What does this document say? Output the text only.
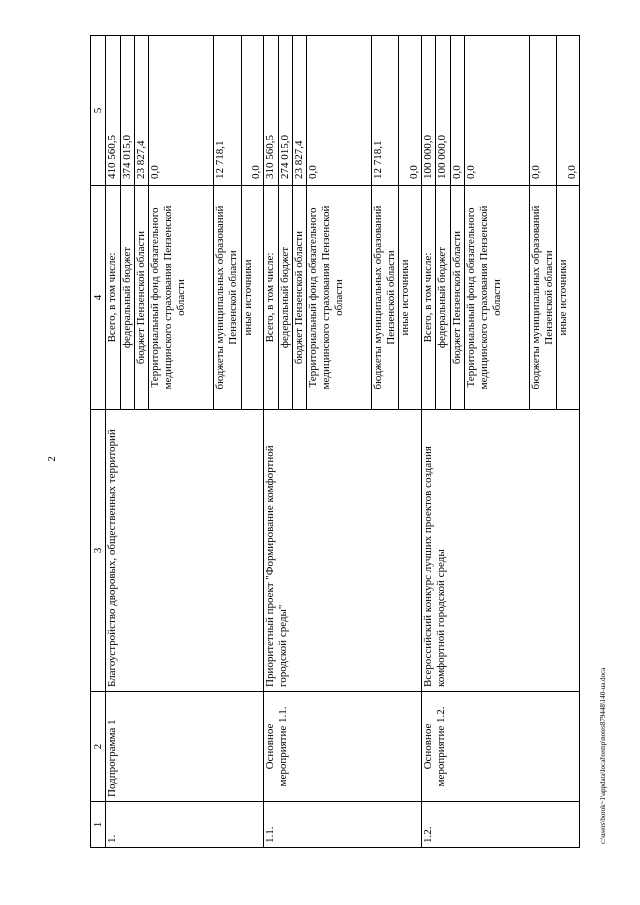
2
1	2	3	4	5
1.	Подпрограмма 1	Благоустройство дворовых, общественных территорий	Всего, в том числе:	410 560,5
			федеральный бюджет	374 015,0
			бюджет Пензенской области	23 827,4
			Территориальный фонд обязательного медицинского страхования Пензенской области	0,0
			бюджеты муниципальных образований Пензенской области	12 718,1
			иные источники	0,0
1.1.	Основное мероприятие 1.1.	Приоритетный проект "Формирование комфортной городской среды"	Всего, в том числе:	310 560,5
			федеральный бюджет	274 015,0
			бюджет Пензенской области	23 827,4
			Территориальный фонд обязательного медицинского страхования Пензенской области	0,0
			бюджеты муниципальных образований Пензенской области	12 718,1
			иные источники	0,0
1.2.	Основное мероприятие 1.2.	Всероссийский конкурс лучших проектов создания комфортной городской среды	Всего, в том числе:	100 000,0
			федеральный бюджет	100 000,0
			бюджет Пензенской области	0,0
			Территориальный фонд обязательного медицинского страхования Пензенской области	0,0
			бюджеты муниципальных образований Пензенской области	0,0
			иные источники	0,0
c:\users\borok~1\appdata\local\temp\notes879448\140-ua.doca
